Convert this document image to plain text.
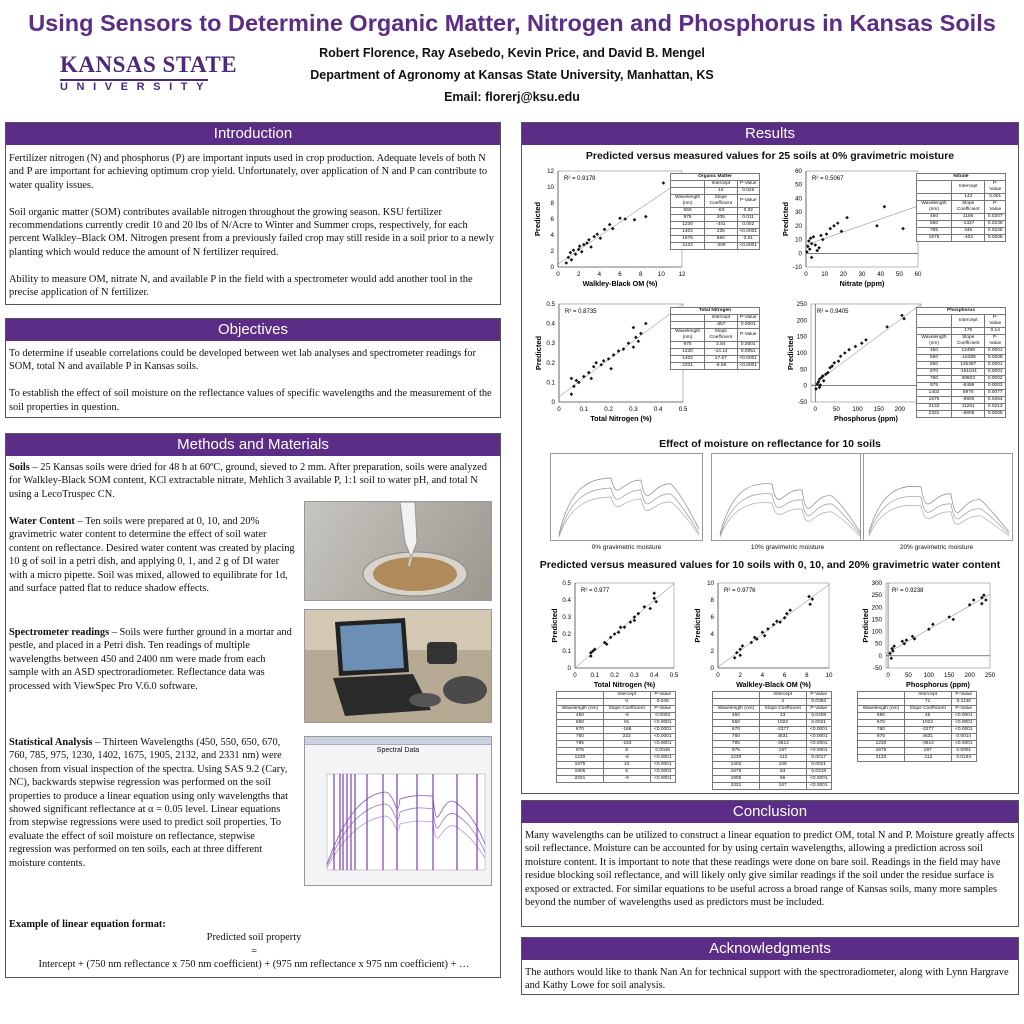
Using Sensors to Determine Organic Matter, Nitrogen and Phosphorus in Kansas Soils
Robert Florence, Ray Asebedo, Kevin Price, and David B. Mengel
Department of Agronomy at Kansas State University, Manhattan, KS
Email: florerj@ksu.edu
KANSAS STATE
UNIVERSITY
Introduction

Fertilizer nitrogen (N) and phosphorus (P) are important inputs used in crop production. Adequate levels of both N and P are important for achieving optimum crop yield. Unfortunately, over application of N and P can contribute to water quality issues.

Soil organic matter (SOM) contributes available nitrogen throughout the growing season. KSU fertilizer recommendations currently credit 10 and 20 lbs of N/Acre to Winter and Summer crops, respectively, for each percent Walkley–Black OM. Nitrogen present from a previously failed crop may still reside in a soil prior to a newly planting which would reduce the amount of N fertilizer required.

Ability to measure OM, nitrate N, and available P in the field with a spectrometer would add another tool in the precise application of N fertilizer.

Objectives

To determine if useable correlations could be developed between wet lab analyses and spectrometer readings for SOM, total N and available P in Kansas soils.

To establish the effect of soil moisture on the reflectance values of specific wavelengths and the measurement of the soil properties in question.

Methods and Materials
Soils – 25 Kansas soils were dried for 48 h at 60ºC, ground, sieved to 2 mm. After preparation, soils were analyzed for Walkley-Black SOM content, KCl extractable nitrate, Mehlich 3 available P, 1:1 soil to water pH, and total N using a LecoTruspec CN.
Water Content – Ten soils were prepared at 0, 10, and 20% gravimetric water content to determine the effect of soil water content on reflectance. Desired water content was created by placing 10 g of soil in a petri dish, and applying 0, 1, and 2 g of DI water with a micro pipette. Soil was mixed, allowed to equilibrate for 1d, and surface patted flat to reduce shadow effects.
Spectrometer readings – Soils were further ground in a mortar and pestle, and placed in a Petri dish. Ten readings of multiple wavelengths between 450 and 2400 nm were made from each sample with an ASD spectroradiometer. Reflectance data was processed with ViewSpec Pro V.6.0 software.
Statistical Analysis – Thirteen Wavelengths (450, 550, 650, 670, 760, 785, 975, 1230, 1402, 1675, 1905, 2132, and 2331 nm) were chosen from visual inspection of the spectra. Using SAS 9.2 (Cary, NC), backwards stepwise regression was performed on the soil properties to produce a linear equation using only wavelengths that showed significant reflectance at α = 0.05 level. Linear equations from stepwise regressions were used to predict soil properties. To evaluate the effect of soil moisture on reflectance, stepwise regression was performed on ten soils, each at three different moisture contents.
Example of linear equation format:
Predicted soil property
=
Intercept + (750 nm reflectance x 750 nm coefficient) + (975 nm reflectance x 975 nm coefficient) + …
Spectral Data
Results
Predicted versus measured values for 25 soils at 0% gravimetric moisture
Effect of moisture on reflectance for 10 soils
Predicted versus measured values for 10 soils with 0, 10, and 20% gravimetric water content
0	2	4	6	8 10 12
0
2
4
6
8
10
12
Walkley-Black OM (%)
Predicted
R² = 0.9178
0 10 20 30 40 50 60
-10
0
10
20
30
40
50
60
Nitrate (ppm)
Predicted
R² = 0.5067
0	0.1	0.2	0.3	0.4	0.5
0
0.1
0.2
0.3
0.4
0.5
Total Nitrogen (%)
Predicted
R² = 0.8735
0	50 100 150 200
-50
0
50
100
150
200
250
Phosphorus (ppm)
Predicted
R² = 0.9405
0 0.1 0.2 0.3 0.4 0.5
0
0.1
0.2
0.3
0.4
0.5
Total Nitrogen (%)
Predicted
R² = 0.977
0	2	4	6	8	10
0
2
4
6
8
10
Walkley-Black OM (%)
Predicted
R² = 0.9776
0 50 100 150 200 250
-50
0
50
100
150
200
250
300
Phosphorus (ppm)
Predicted
R² = 0.9238
0% gravimetric moisture	10% gravimetric moisture	20% gravimetric moisture
Organic Matter		
	Intercept	P-Value
	10	0.026
Wavelength (nm)	Slope Coefficient	P-Value
550	-83	0.02
975	205	0.011
1230	-441	0.002
1402	235	<0.0001
1675	560	0.01
2132	-209	<0.0001
Nitrate		
	Intercept	P-Value
	143	0.001
Wavelength (nm)	Slope Coefficient	P-Value
450	1186	0.0207
550	-1327	0.0238
785	345	0.0226
1675	-402	0.0006
Total Nitrogen		
	Intercept	P-Value
	.657	0.0001
Wavelength (nm)	Slope Coefficient	P-Value
975	2.84	0.0001
1230	-14.14	0.0051
1402	17.67	<0.0001
2331	-6.56	<0.0001
Phosphorus		
	Intercept	P-Value
	179	0.14
Wavelength (nm)	Slope Coefficient	P-Value
450	12496	0.0001
550	-16389	0.0008
650	125497	0.0001
670	-151041	0.0001
760	38603	0.0002
975	-8496	0.0003
1402	8976	0.0077
1675	-9900	0.0264
2132	11261	0.0213
2331	-8805	0.0065
	Intercept	P-Value
	0	0.048
Wavelength (nm)	Slope Coefficient	P-Value
450	-6	0.0003
650	91	<0.0001
670	-166	<0.0001
760	222	<0.0001
785	-153	<0.0001
975	6	0.0045
1230	-8	<0.0001
1675	10	<0.0001
1905	5	<0.0001
2331	-9	<0.0001
	Intercept	P-Value
	3	0.0393
Wavelength (nm)	Slope Coefficient	P-Value
450	43	0.0408
650	1022	0.0021
670	-2377	<0.0001
760	4631	<0.0001
785	-3614	<0.0001
975	197	<0.0001
1230	-112	0.0017
1402	108	0.0021
1675	63	0.0218
1905	56	<0.0001
2331	167	<0.0001
	Intercept	P-Value
	71	0.1146
Wavelength (nm)	Slope Coefficient	P-Value
650	45	<0.0001
670	1022	<0.0001
760	-2277	<0.0001
975	4631	0.0014
1230	-3614	<0.0001
1675	197	0.0001
2132	-112	0.0184
Conclusion
Many wavelengths can be utilized to construct a linear equation to predict OM, total N and P. Moisture greatly affects soil reflectance. Moisture can be accounted for by using certain wavelengths, allowing a prediction across soil moisture content. It is important to note that these readings were done on bare soil. Readings in the field may have residue blocking soil reflectance, and will likely only give similar readings if the soil under the residue surface is exposed or extracted. For similar equations to be useful across a broad range of Kansas soils, many more samples beyond the number of wavelengths used as predictors must be included.
Acknowledgments
The authors would like to thank Nan An for technical support with the spectroradiometer, along with Lynn Hargrave and Kathy Lowe for soil analysis.
